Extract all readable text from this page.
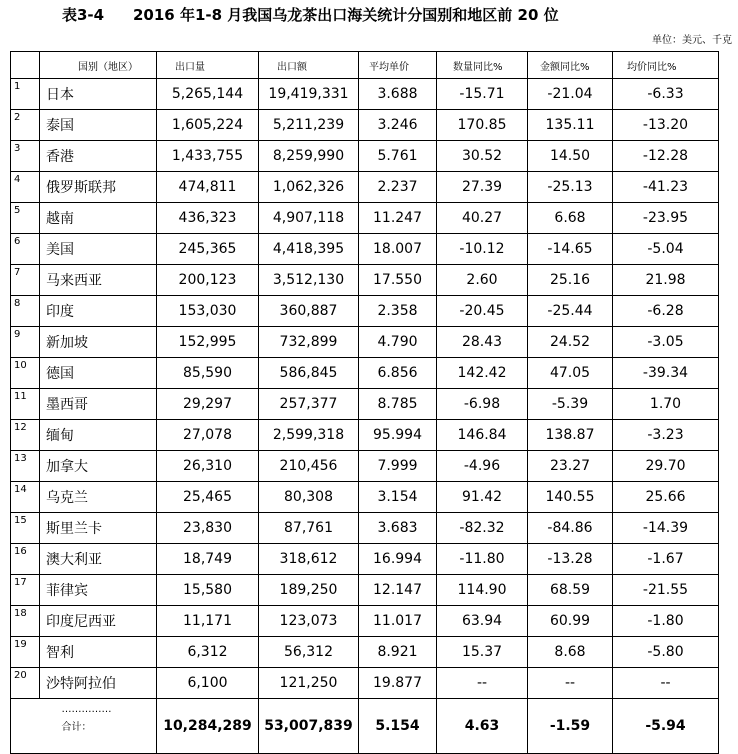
表3-4 2016 年1-8 月我国乌龙茶出口海关统计分国别和地区前 20 位
单位：美元、千克
	国别（地区）	出口量	出口额	平均单价	数量同比%	金额同比%	均价同比%
1	日本	5,265,144	19,419,331	3.688	-15.71	-21.04	-6.33
2	泰国	1,605,224	5,211,239	3.246	170.85	135.11	-13.20
3	香港	1,433,755	8,259,990	5.761	30.52	14.50	-12.28
4	俄罗斯联邦	474,811	1,062,326	2.237	27.39	-25.13	-41.23
5	越南	436,323	4,907,118	11.247	40.27	6.68	-23.95
6	美国	245,365	4,418,395	18.007	-10.12	-14.65	-5.04
7	马来西亚	200,123	3,512,130	17.550	2.60	25.16	21.98
8	印度	153,030	360,887	2.358	-20.45	-25.44	-6.28
9	新加坡	152,995	732,899	4.790	28.43	24.52	-3.05
10	德国	85,590	586,845	6.856	142.42	47.05	-39.34
11	墨西哥	29,297	257,377	8.785	-6.98	-5.39	1.70
12	缅甸	27,078	2,599,318	95.994	146.84	138.87	-3.23
13	加拿大	26,310	210,456	7.999	-4.96	23.27	29.70
14	乌克兰	25,465	80,308	3.154	91.42	140.55	25.66
15	斯里兰卡	23,830	87,761	3.683	-82.32	-84.86	-14.39
16	澳大利亚	18,749	318,612	16.994	-11.80	-13.28	-1.67
17	菲律宾	15,580	189,250	12.147	114.90	68.59	-21.55
18	印度尼西亚	11,171	123,073	11.017	63.94	60.99	-1.80
19	智利	6,312	56,312	8.921	15.37	8.68	-5.80
20	沙特阿拉伯	6,100	121,250	19.877	--	--	--

	……………
合计：	10,284,289	53,007,839	5.154	4.63	-1.59	-5.94
